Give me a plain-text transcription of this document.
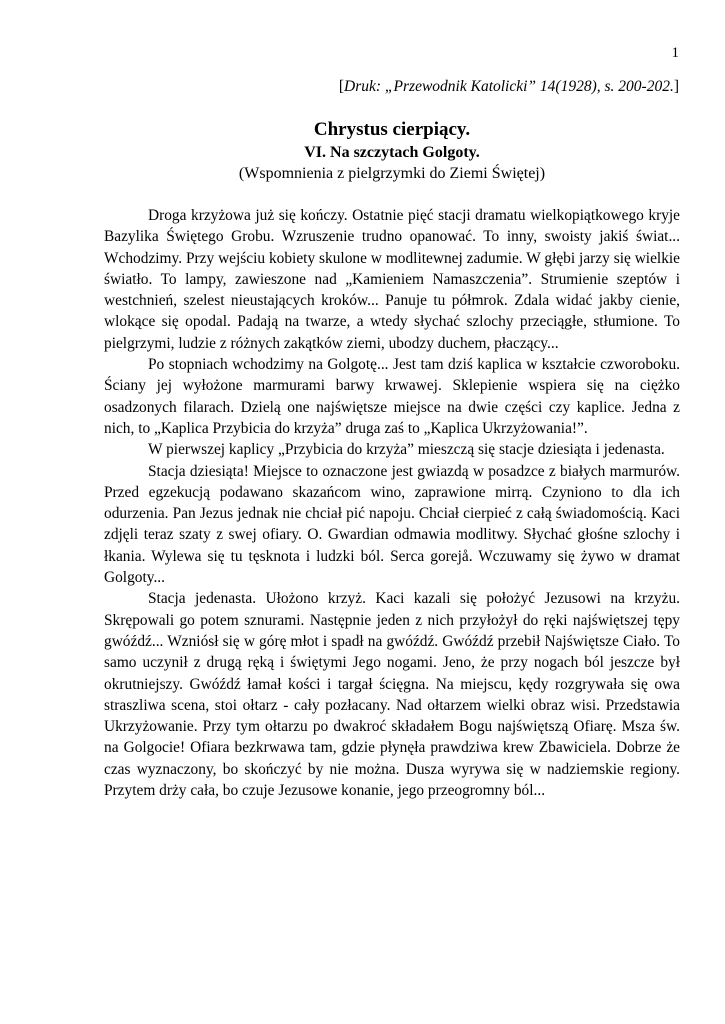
1
[Druk: „Przewodnik Katolicki” 14(1928), s. 200-202.]

Chrystus cierpiący.

VI. Na szczytach Golgoty.

(Wspomnienia z pielgrzymki do Ziemi Świętej)

Droga krzyżowa już się kończy. Ostatnie pięć stacji dramatu wielkopiątkowego kryje Bazylika Świętego Grobu. Wzruszenie trudno opanować. To inny, swoisty jakiś świat... Wchodzimy. Przy wejściu kobiety skulone w modlitewnej zadumie. W głębi jarzy się wielkie światło. To lampy, zawieszone nad „Kamieniem Namaszczenia”. Strumienie szeptów i westchnień, szelest nieustających kroków... Panuje tu półmrok. Zdala widać jakby cienie, wlokące się opodal. Padają na twarze, a wtedy słychać szlochy przeciągłe, stłumione. To pielgrzymi, ludzie z różnych zakątków ziemi, ubodzy duchem, płaczący...

Po stopniach wchodzimy na Golgotę... Jest tam dziś kaplica w kształcie czworoboku. Ściany jej wyłożone marmurami barwy krwawej. Sklepienie wspiera się na ciężko osadzonych filarach. Dzielą one najświętsze miejsce na dwie części czy kaplice. Jedna z nich, to „Kaplica Przybicia do krzyża” druga zaś to „Kaplica Ukrzyżowania!”.

W pierwszej kaplicy „Przybicia do krzyża” mieszczą się stacje dziesiąta i jedenasta.

Stacja dziesiąta! Miejsce to oznaczone jest gwiazdą w posadzce z białych marmurów. Przed egzekucją podawano skazańcom wino, zaprawione mirrą. Czyniono to dla ich odurzenia. Pan Jezus jednak nie chciał pić napoju. Chciał cierpieć z całą świadomością. Kaci zdjęli teraz szaty z swej ofiary. O. Gwardian odmawia modlitwy. Słychać głośne szlochy i łkania. Wylewa się tu tęsknota i ludzki ból. Serca gorejå. Wczuwamy się żywo w dramat Golgoty...

Stacja jedenasta. Ułożono krzyż. Kaci kazali się położyć Jezusowi na krzyżu. Skrępowali go potem sznurami. Następnie jeden z nich przyłożył do ręki najświętszej tępy gwóźdź... Wzniósł się w górę młot i spadł na gwóźdź. Gwóźdź przebił Najświętsze Ciało. To samo uczynił z drugą ręką i świętymi Jego nogami. Jeno, że przy nogach ból jeszcze był okrutniejszy. Gwóźdź łamał kości i targał ścięgna. Na miejscu, kędy rozgrywała się owa straszliwa scena, stoi ołtarz - cały pozłacany. Nad ołtarzem wielki obraz wisi. Przedstawia Ukrzyżowanie. Przy tym ołtarzu po dwakroć składałem Bogu najświętszą Ofiarę. Msza św. na Golgocie! Ofiara bezkrwawa tam, gdzie płynęła prawdziwa krew Zbawiciela. Dobrze że czas wyznaczony, bo skończyć by nie można. Dusza wyrywa się w nadziemskie regiony. Przytem drży cała, bo czuje Jezusowe konanie, jego przeogromny ból...
